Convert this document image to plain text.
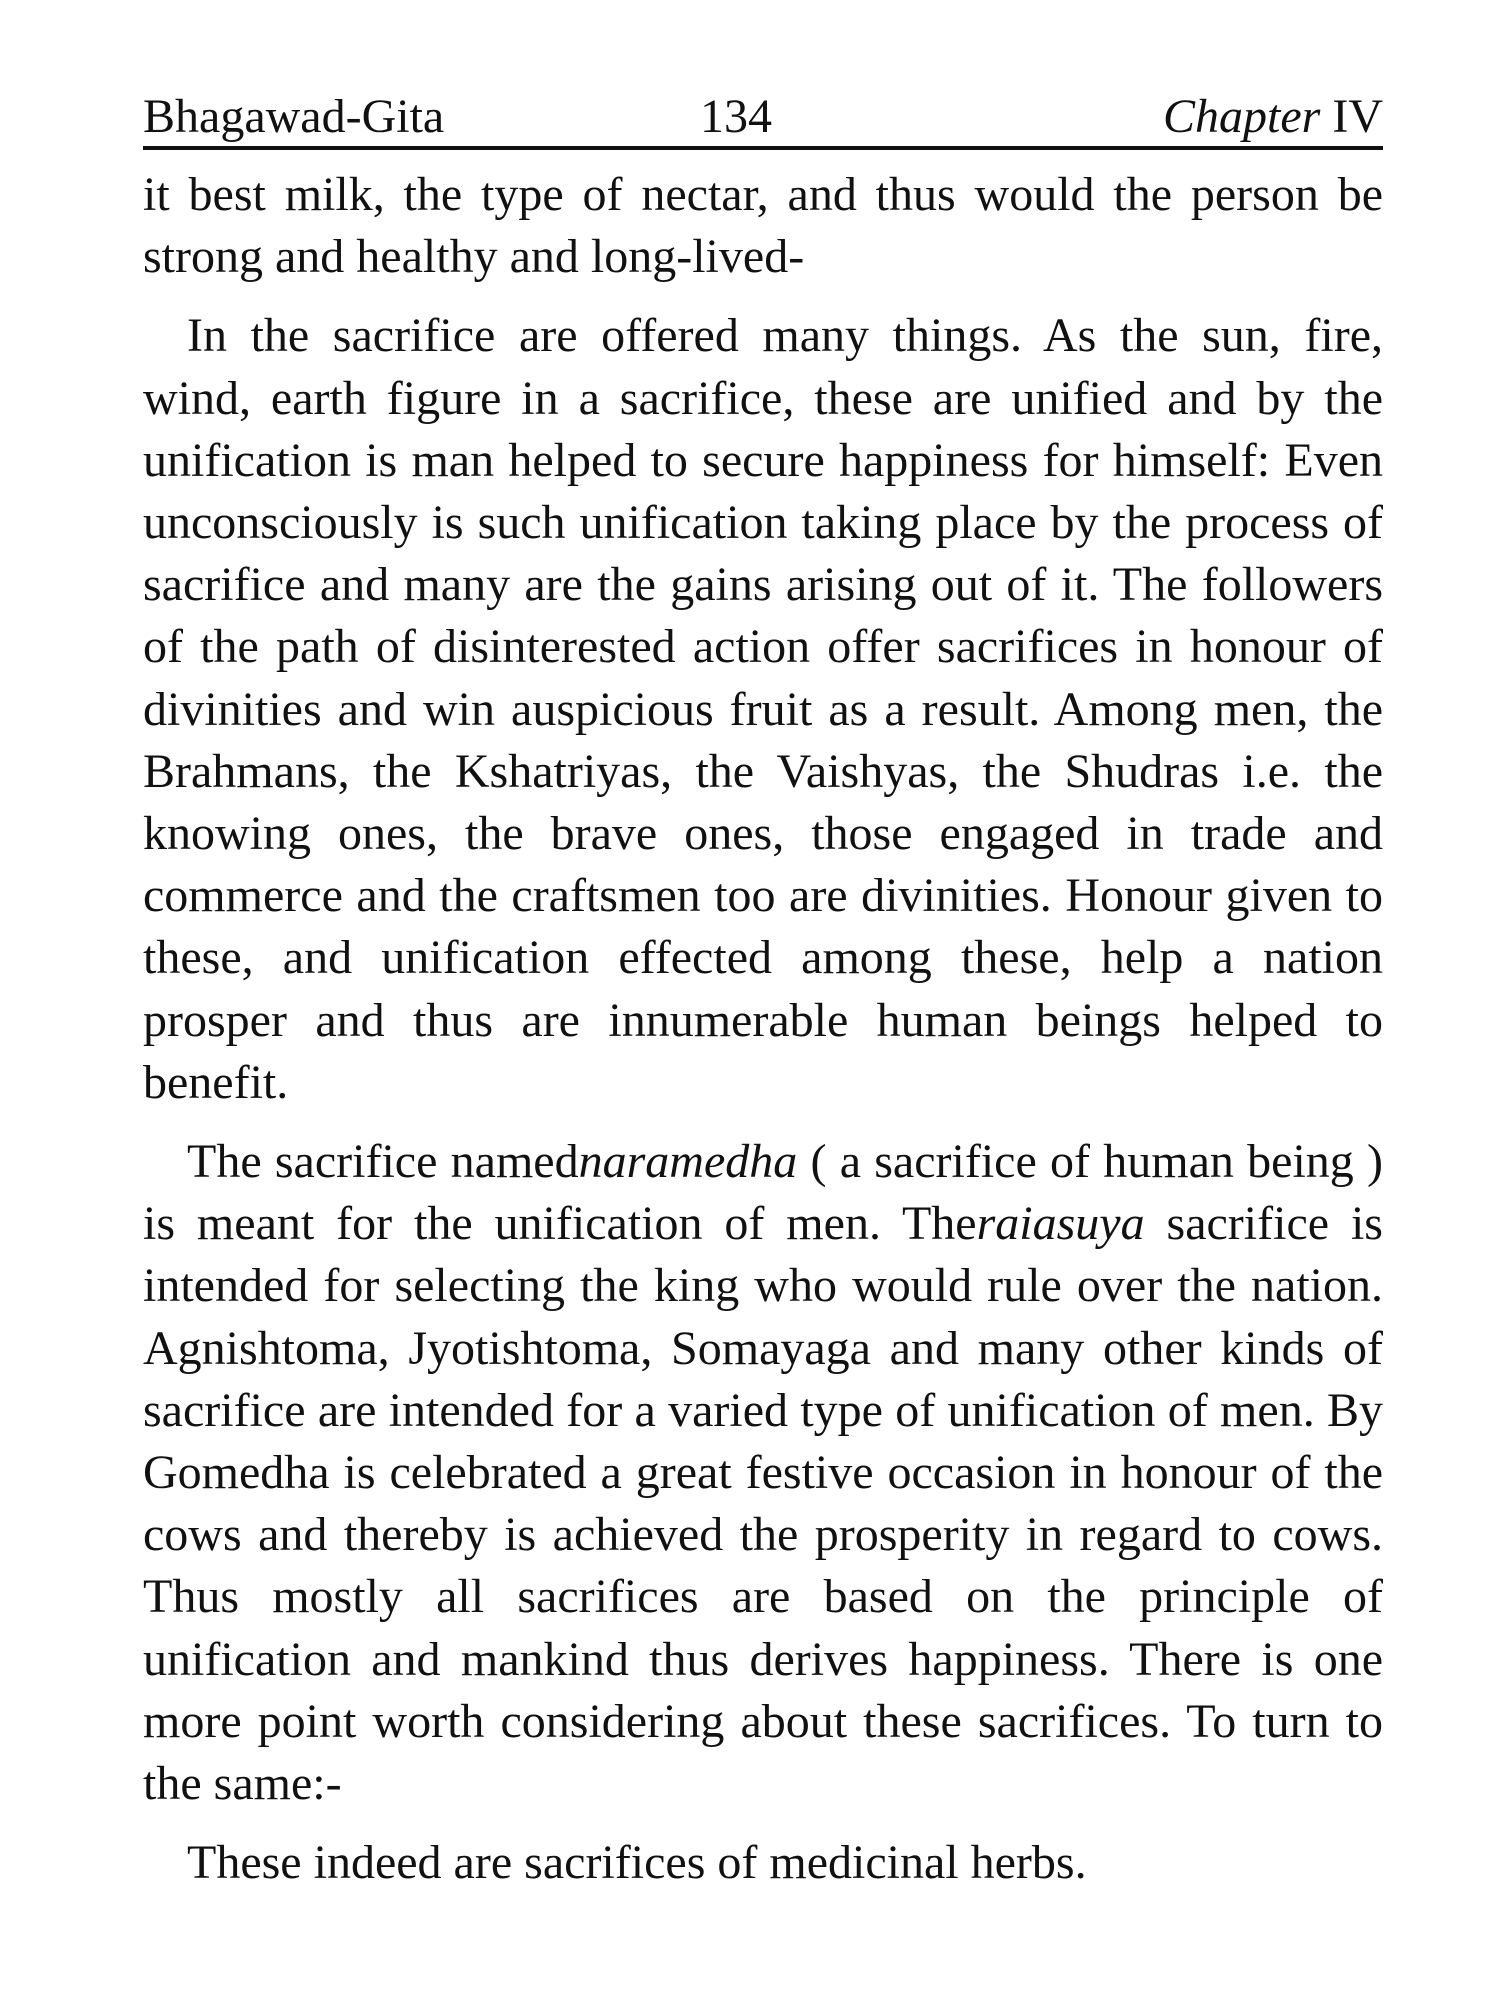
Bhagawad-Gita	134	Chapter IV

it best milk, the type of nectar, and thus would the person be strong and healthy and long-lived-

In the sacrifice are offered many things. As the sun, fire, wind, earth figure in a sacrifice, these are unified and by the unification is man helped to secure happiness for himself: Even unconsciously is such unification taking place by the process of sacrifice and many are the gains arising out of it. The followers of the path of disinterested action offer sacrifices in honour of divinities and win auspicious fruit as a result. Among men, the Brahmans, the Kshatriyas, the Vaishyas, the Shudras i.e. the knowing ones, the brave ones, those engaged in trade and commerce and the craftsmen too are divinities. Honour given to these, and unification effected among these, help a nation prosper and thus are innumerable human beings helped to benefit.

The sacrifice namednaramedha ( a sacrifice of human being ) is meant for the unification of men. Theraiasuya sacrifice is intended for selecting the king who would rule over the nation. Agnishtoma, Jyotishtoma, Somayaga and many other kinds of sacrifice are intended for a varied type of unification of men. By Gomedha is celebrated a great festive occasion in honour of the cows and thereby is achieved the prosperity in regard to cows. Thus mostly all sacrifices are based on the principle of unification and mankind thus derives happiness. There is one more point worth considering about these sacrifices. To turn to the same:-

These indeed are sacrifices of medicinal herbs.
